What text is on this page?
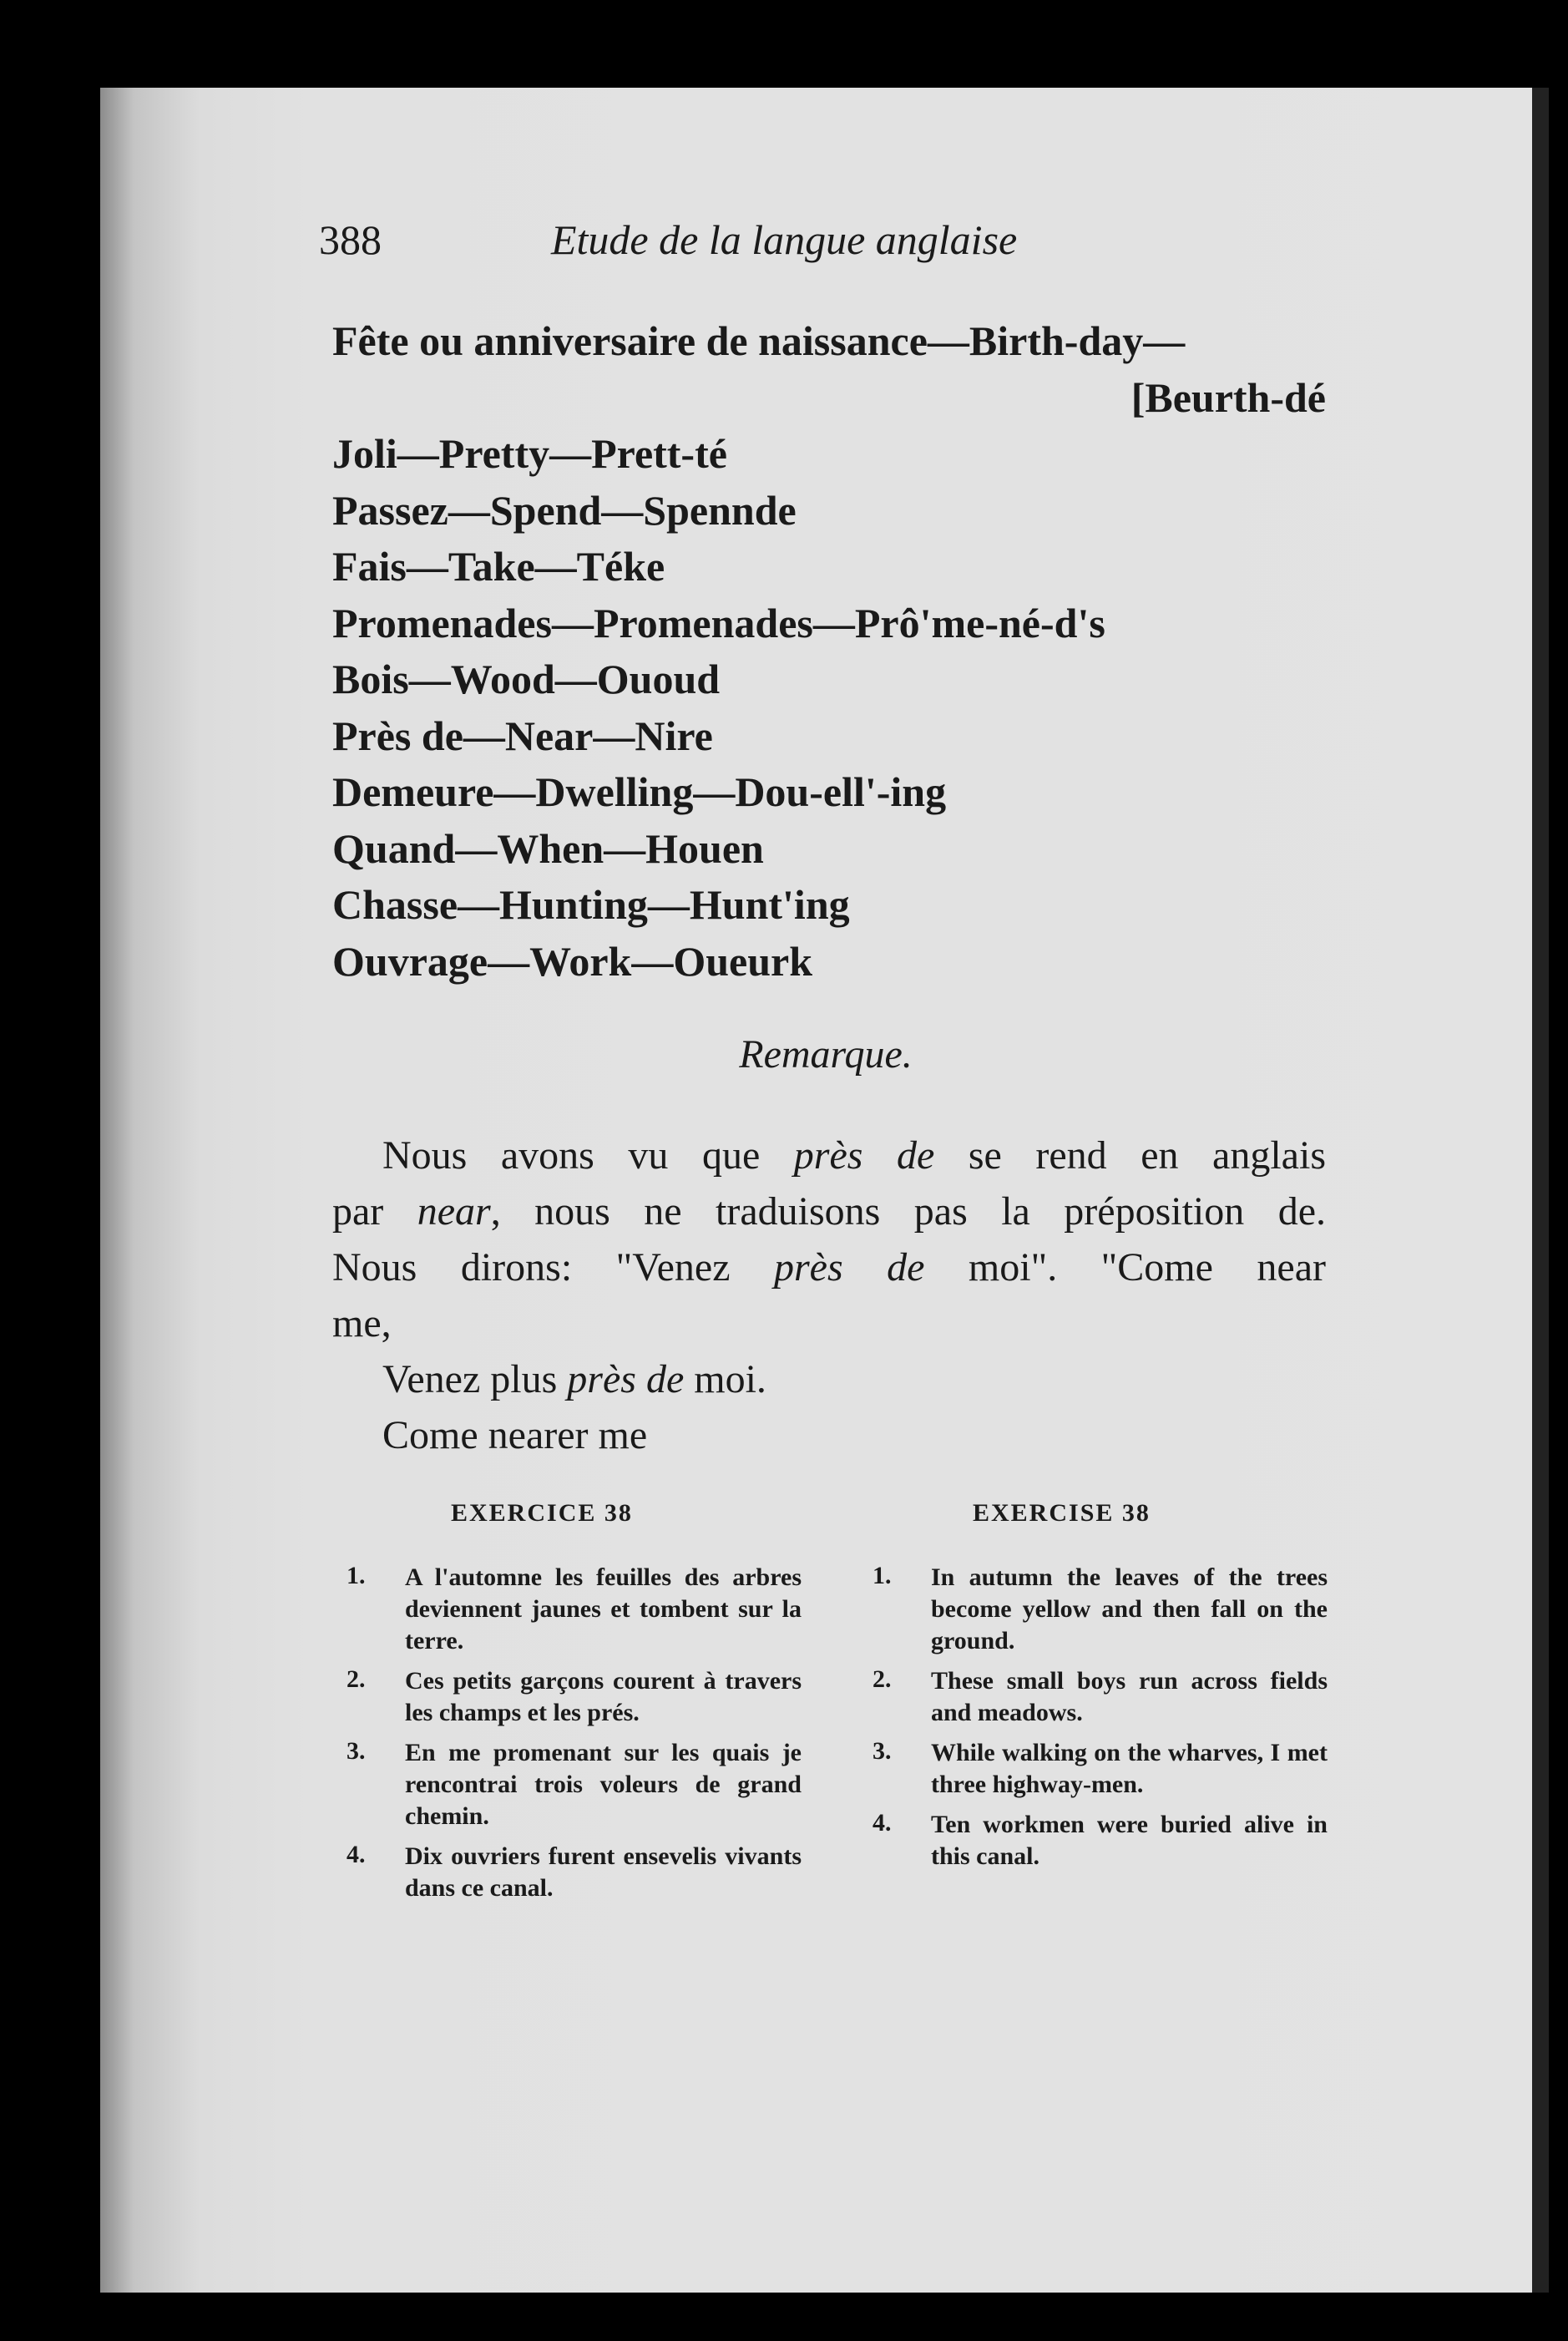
388	Etude de la langue anglaise
Fête ou anniversaire de naissance—Birth-day—
[Beurth-dé
Joli—Pretty—Prett-té
Passez—Spend—Spennde
Fais—Take—Téke
Promenades—Promenades—Prô'me-né-d's
Bois—Wood—Ououd
Près de—Near—Nire
Demeure—Dwelling—Dou-ell'-ing
Quand—When—Houen
Chasse—Hunting—Hunt'ing
Ouvrage—Work—Oueurk
Remarque.
Nous avons vu que près de se rend en anglais
par near, nous ne traduisons pas la préposition de.
Nous dirons: "Venez près de moi". "Come near
me,
Venez plus près de moi.
Come nearer me
EXERCICE 38	EXERCISE 38
1. A l'automne les feuilles des arbres deviennent jaunes et tombent sur la terre.
2. Ces petits garçons courent à travers les champs et les prés.
3. En me promenant sur les quais je rencontrai trois voleurs de grand chemin.
4. Dix ouvriers furent ensevelis vivants dans ce canal.
1. In autumn the leaves of the trees become yellow and then fall on the ground.
2. These small boys run across fields and meadows.
3. While walking on the wharves, I met three highway-men.
4. Ten workmen were buried alive in this canal.
